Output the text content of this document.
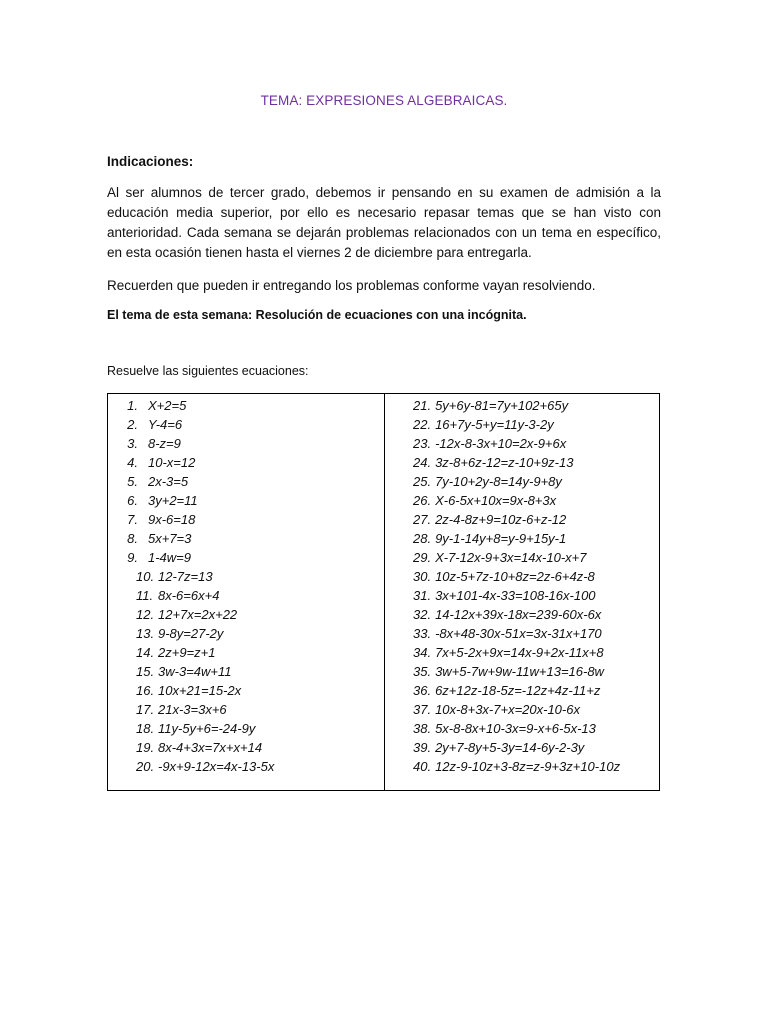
TEMA: EXPRESIONES ALGEBRAICAS.
Indicaciones:
Al ser alumnos de tercer grado, debemos ir pensando en su examen de admisión a la educación media superior, por ello es necesario repasar temas que se han visto con anterioridad. Cada semana se dejarán problemas relacionados con un tema en específico, en esta ocasión tienen hasta el viernes 2 de diciembre para entregarla.
Recuerden que pueden ir entregando los problemas conforme vayan resolviendo.
El tema de esta semana: Resolución de ecuaciones con una incógnita.
Resuelve las siguientes ecuaciones:
1. X+2=5
2. Y-4=6
3. 8-z=9
4. 10-x=12
5. 2x-3=5
6. 3y+2=11
7. 9x-6=18
8. 5x+7=3
9. 1-4w=9
10. 12-7z=13
11. 8x-6=6x+4
12. 12+7x=2x+22
13. 9-8y=27-2y
14. 2z+9=z+1
15. 3w-3=4w+11
16. 10x+21=15-2x
17. 21x-3=3x+6
18. 11y-5y+6=-24-9y
19. 8x-4+3x=7x+x+14
20. -9x+9-12x=4x-13-5x
21. 5y+6y-81=7y+102+65y
22. 16+7y-5+y=11y-3-2y
23. -12x-8-3x+10=2x-9+6x
24. 3z-8+6z-12=z-10+9z-13
25. 7y-10+2y-8=14y-9+8y
26. X-6-5x+10x=9x-8+3x
27. 2z-4-8z+9=10z-6+z-12
28. 9y-1-14y+8=y-9+15y-1
29. X-7-12x-9+3x=14x-10-x+7
30. 10z-5+7z-10+8z=2z-6+4z-8
31. 3x+101-4x-33=108-16x-100
32. 14-12x+39x-18x=239-60x-6x
33. -8x+48-30x-51x=3x-31x+170
34. 7x+5-2x+9x=14x-9+2x-11x+8
35. 3w+5-7w+9w-11w+13=16-8w
36. 6z+12z-18-5z=-12z+4z-11+z
37. 10x-8+3x-7+x=20x-10-6x
38. 5x-8-8x+10-3x=9-x+6-5x-13
39. 2y+7-8y+5-3y=14-6y-2-3y
40. 12z-9-10z+3-8z=z-9+3z+10-10z
